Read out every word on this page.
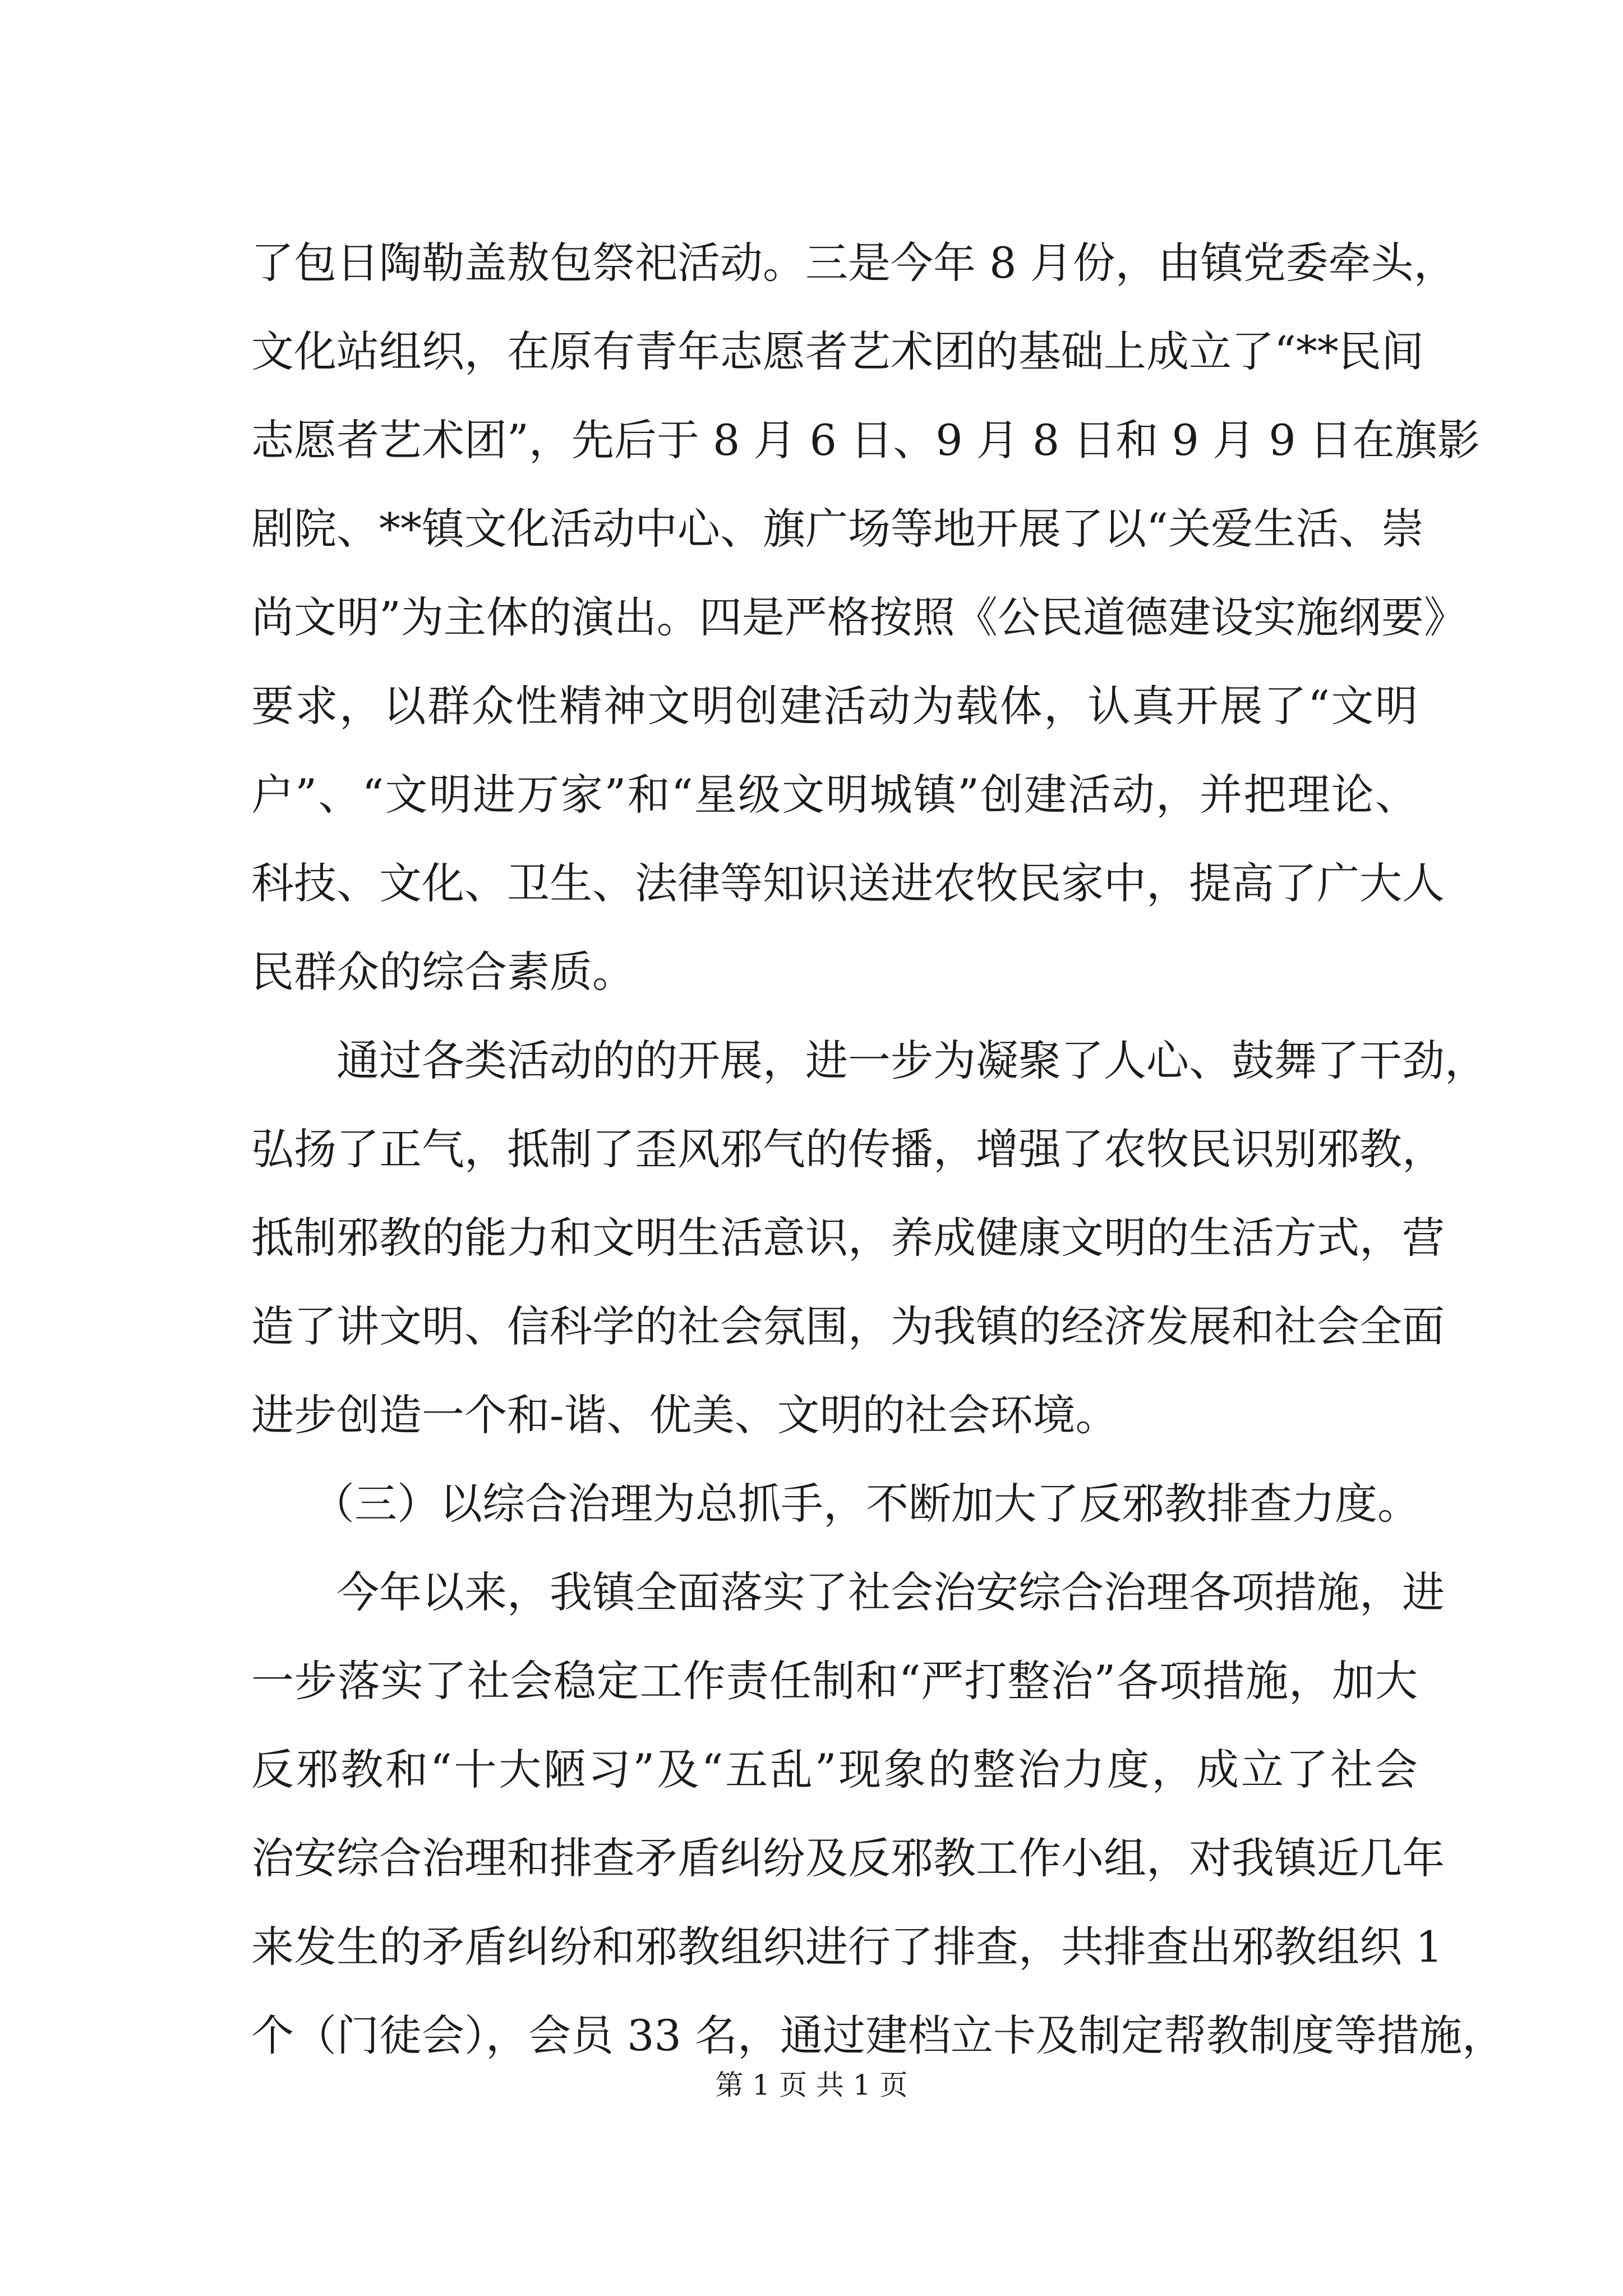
了包日陶勒盖敖包祭祀活动。三是今年 8 月份，由镇党委牵头，
文化站组织，在原有青年志愿者艺术团的基础上成立了“**民间
志愿者艺术团”，先后于 8 月 6 日、9 月 8 日和 9 月 9 日在旗影
剧院、**镇文化活动中心、旗广场等地开展了以“关爱生活、崇
尚文明”为主体的演出。四是严格按照《公民道德建设实施纲要》
要求，以群众性精神文明创建活动为载体，认真开展了“文明
户”、“文明进万家”和“星级文明城镇”创建活动，并把理论、
科技、文化、卫生、法律等知识送进农牧民家中，提高了广大人
民群众的综合素质。
通过各类活动的的开展，进一步为凝聚了人心、鼓舞了干劲，
弘扬了正气，抵制了歪风邪气的传播，增强了农牧民识别邪教，
抵制邪教的能力和文明生活意识，养成健康文明的生活方式，营
造了讲文明、信科学的社会氛围，为我镇的经济发展和社会全面
进步创造一个和-谐、优美、文明的社会环境。
（三）以综合治理为总抓手，不断加大了反邪教排查力度。
今年以来，我镇全面落实了社会治安综合治理各项措施，进
一步落实了社会稳定工作责任制和“严打整治”各项措施，加大
反邪教和“十大陋习”及“五乱”现象的整治力度，成立了社会
治安综合治理和排查矛盾纠纷及反邪教工作小组，对我镇近几年
来发生的矛盾纠纷和邪教组织进行了排查，共排查出邪教组织 1
个（门徒会），会员 33 名，通过建档立卡及制定帮教制度等措施，
第 1 页 共 1 页
